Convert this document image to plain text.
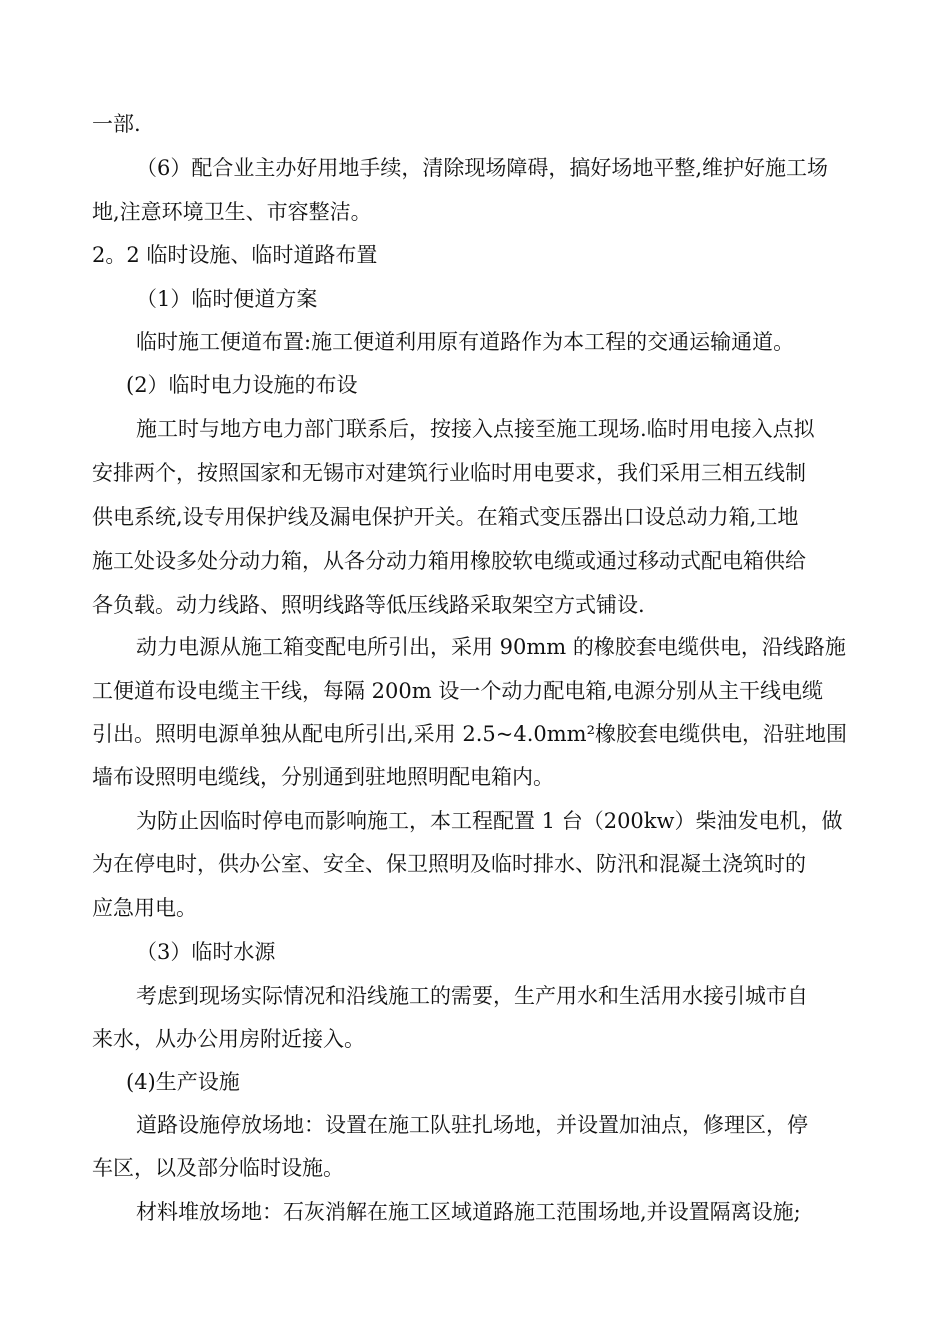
一部.
（6）配合业主办好用地手续，清除现场障碍，搞好场地平整,维护好施工场
地,注意环境卫生、市容整洁。
2。2 临时设施、临时道路布置
（1）临时便道方案
临时施工便道布置:施工便道利用原有道路作为本工程的交通运输通道。
(2）临时电力设施的布设
施工时与地方电力部门联系后，按接入点接至施工现场.临时用电接入点拟
安排两个，按照国家和无锡市对建筑行业临时用电要求，我们采用三相五线制
供电系统,设专用保护线及漏电保护开关。在箱式变压器出口设总动力箱,工地
施工处设多处分动力箱，从各分动力箱用橡胶软电缆或通过移动式配电箱供给
各负载。动力线路、照明线路等低压线路采取架空方式铺设.
动力电源从施工箱变配电所引出，采用 90mm 的橡胶套电缆供电，沿线路施
工便道布设电缆主干线，每隔 200m 设一个动力配电箱,电源分别从主干线电缆
引出。照明电源单独从配电所引出,采用 2.5~4.0mm²橡胶套电缆供电，沿驻地围
墙布设照明电缆线，分别通到驻地照明配电箱内。
为防止因临时停电而影响施工，本工程配置 1 台（200kw）柴油发电机，做
为在停电时，供办公室、安全、保卫照明及临时排水、防汛和混凝土浇筑时的
应急用电。
（3）临时水源
考虑到现场实际情况和沿线施工的需要，生产用水和生活用水接引城市自
来水，从办公用房附近接入。
(4)生产设施
道路设施停放场地：设置在施工队驻扎场地，并设置加油点，修理区，停
车区，以及部分临时设施。
材料堆放场地：石灰消解在施工区域道路施工范围场地,并设置隔离设施;
